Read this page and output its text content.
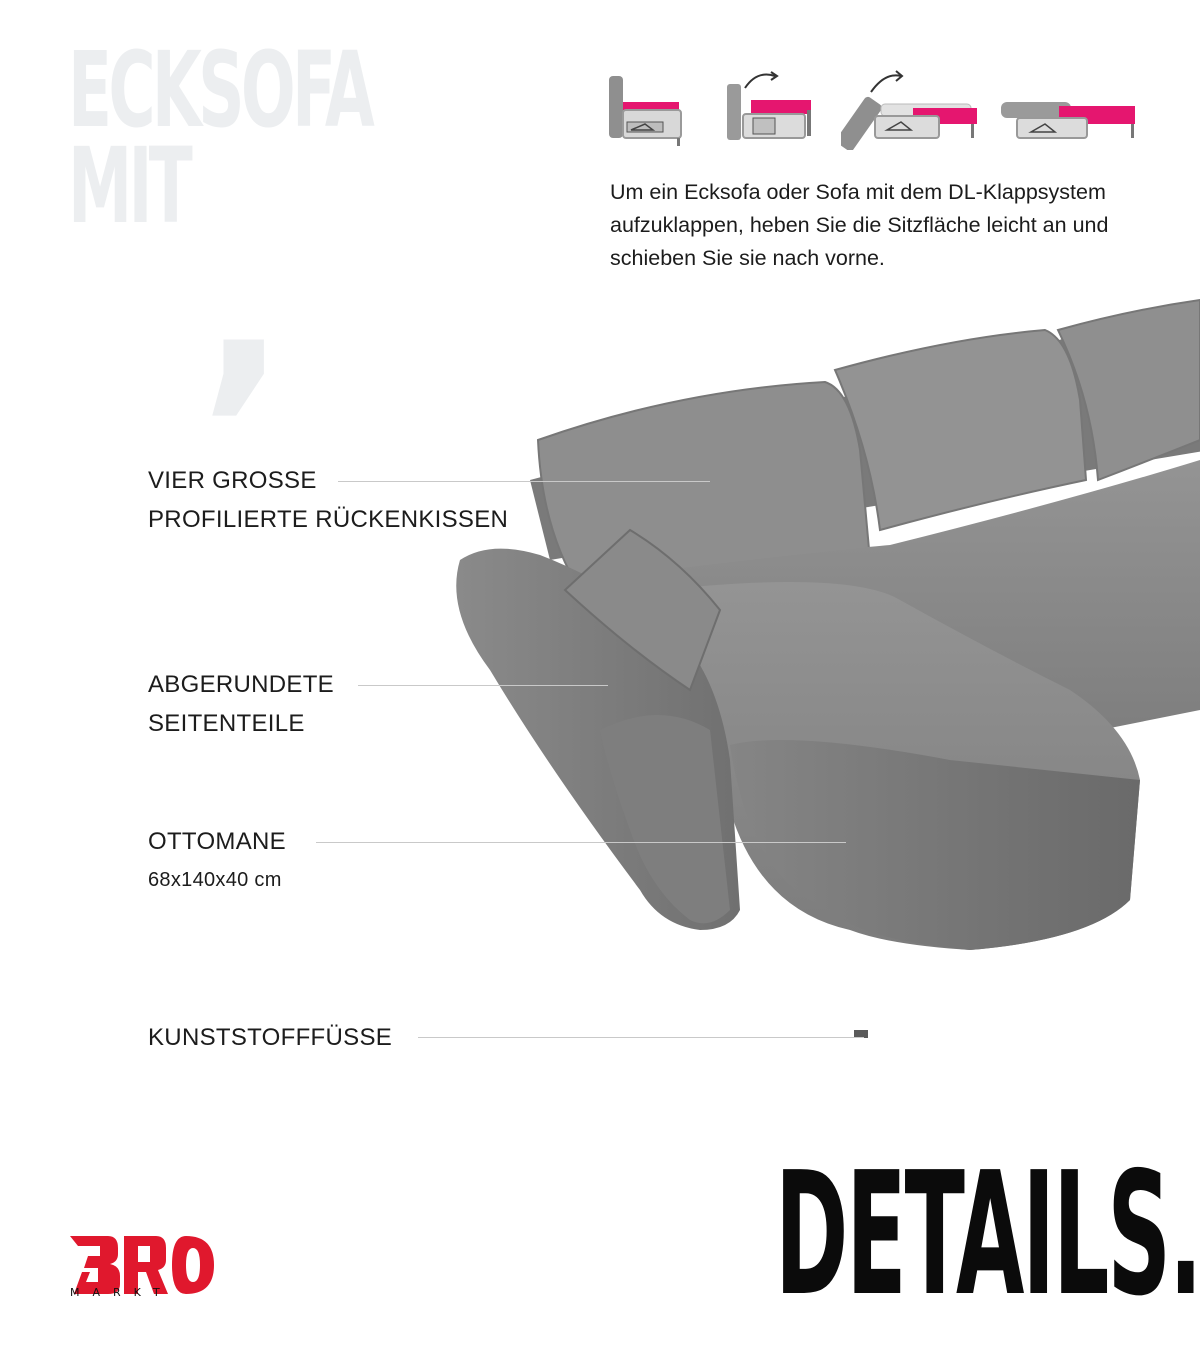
ECKSOFA
MIT ,	Um ein Ecksofa oder Sofa mit dem DL-Klappsystem aufzuklappen, heben Sie die Sitzfläche leicht an und schieben Sie sie nach vorne.
VIER GROSSE
PROFILIERTE RÜCKENKISSEN
ABGERUNDETE
SEITENTEILE
OTTOMANE
68x140x40 cm
KUNSTSTOFFFÜSSE
DETAILS.
MARKT
